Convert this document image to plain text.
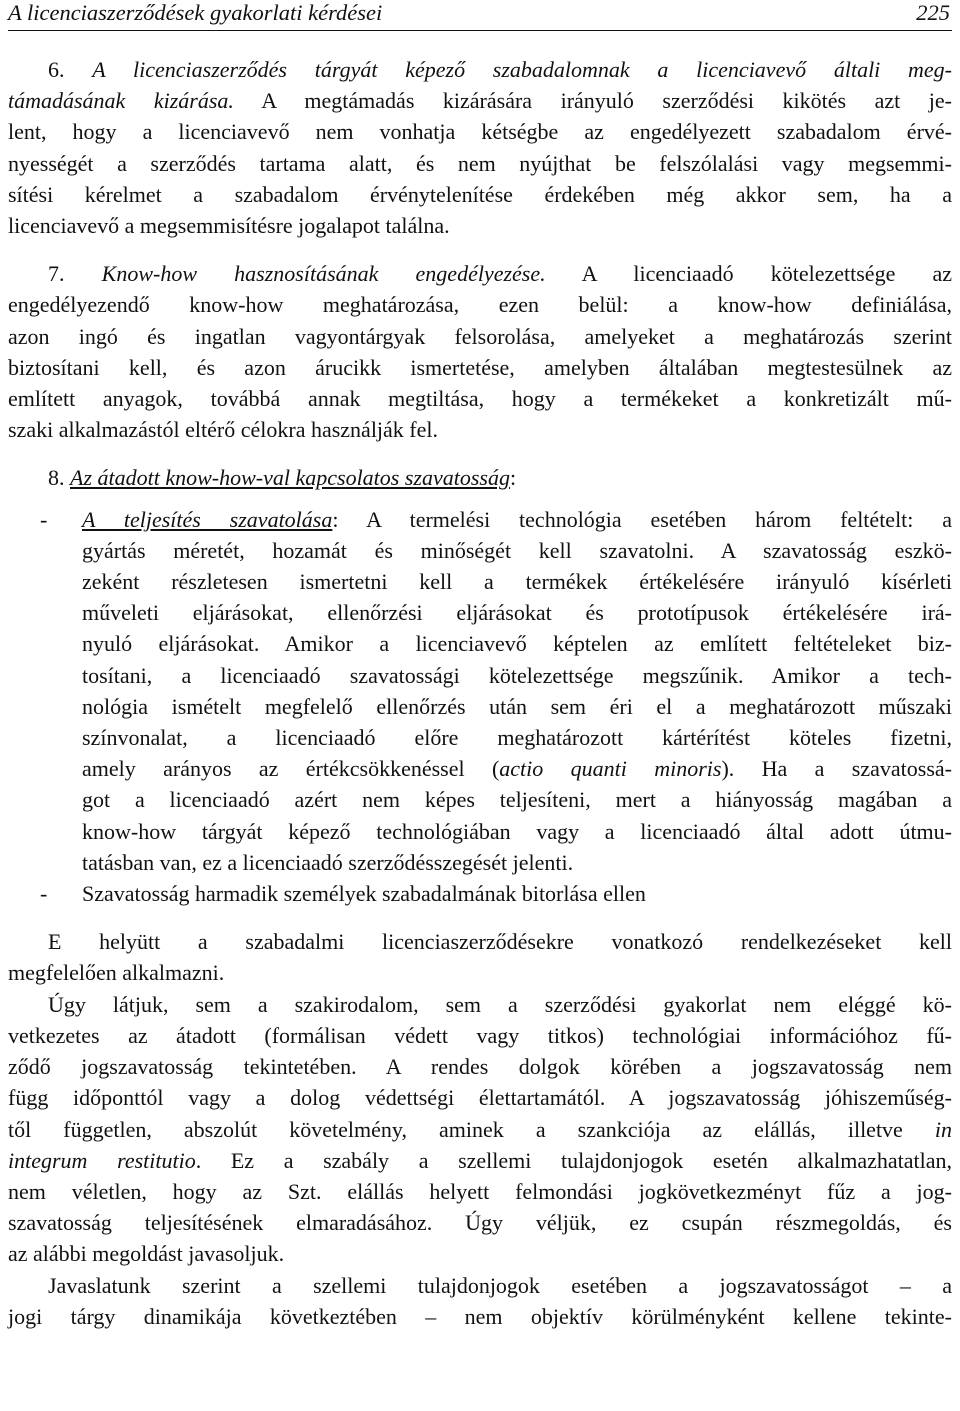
A licenciaszerződések gyakorlati kérdései	225
6. A licenciaszerződés tárgyát képező szabadalomnak a licenciavevő általi meg-
támadásának kizárása. A megtámadás kizárására irányuló szerződési kikötés azt je-
lent, hogy a licenciavevő nem vonhatja kétségbe az engedélyezett szabadalom érvé-
nyességét a szerződés tartama alatt, és nem nyújthat be felszólalási vagy megsemmi-
sítési kérelmet a szabadalom érvénytelenítése érdekében még akkor sem, ha a
licenciavevő a megsemmisítésre jogalapot találna.
7. Know-how hasznosításának engedélyezése. A licenciaadó kötelezettsége az
engedélyezendő know-how meghatározása, ezen belül: a know-how definiálása,
azon ingó és ingatlan vagyontárgyak felsorolása, amelyeket a meghatározás szerint
biztosítani kell, és azon árucikk ismertetése, amelyben általában megtestesülnek az
említett anyagok, továbbá annak megtiltása, hogy a termékeket a konkretizált mű-
szaki alkalmazástól eltérő célokra használják fel.
8. Az átadott know-how-val kapcsolatos szavatosság:
-	A teljesítés szavatolása: A termelési technológia esetében három feltételt: a
gyártás méretét, hozamát és minőségét kell szavatolni. A szavatosság eszkö-
zeként részletesen ismertetni kell a termékek értékelésére irányuló kísérleti
műveleti eljárásokat, ellenőrzési eljárásokat és prototípusok értékelésére irá-
nyuló eljárásokat. Amikor a licenciavevő képtelen az említett feltételeket biz-
tosítani, a licenciaadó szavatossági kötelezettsége megszűnik. Amikor a tech-
nológia ismételt megfelelő ellenőrzés után sem éri el a meghatározott műszaki
színvonalat, a licenciaadó előre meghatározott kártérítést köteles fizetni,
amely arányos az értékcsökkenéssel (actio quanti minoris). Ha a szavatossá-
got a licenciaadó azért nem képes teljesíteni, mert a hiányosság magában a
know-how tárgyát képező technológiában vagy a licenciaadó által adott útmu-
tatásban van, ez a licenciaadó szerződésszegését jelenti.
-	Szavatosság harmadik személyek szabadalmának bitorlása ellen
E helyütt a szabadalmi licenciaszerződésekre vonatkozó rendelkezéseket kell
megfelelően alkalmazni.
Úgy látjuk, sem a szakirodalom, sem a szerződési gyakorlat nem eléggé kö-
vetkezetes az átadott (formálisan védett vagy titkos) technológiai információhoz fű-
ződő jogszavatosság tekintetében. A rendes dolgok körében a jogszavatosság nem
függ időponttól vagy a dolog védettségi élettartamától. A jogszavatosság jóhiszeműség-
től független, abszolút követelmény, aminek a szankciója az elállás, illetve in
integrum restitutio. Ez a szabály a szellemi tulajdonjogok esetén alkalmazhatatlan,
nem véletlen, hogy az Szt. elállás helyett felmondási jogkövetkezményt fűz a jog-
szavatosság teljesítésének elmaradásához. Úgy véljük, ez csupán részmegoldás, és
az alábbi megoldást javasoljuk.
Javaslatunk szerint a szellemi tulajdonjogok esetében a jogszavatosságot – a
jogi tárgy dinamikája következtében – nem objektív körülményként kellene tekinte-
